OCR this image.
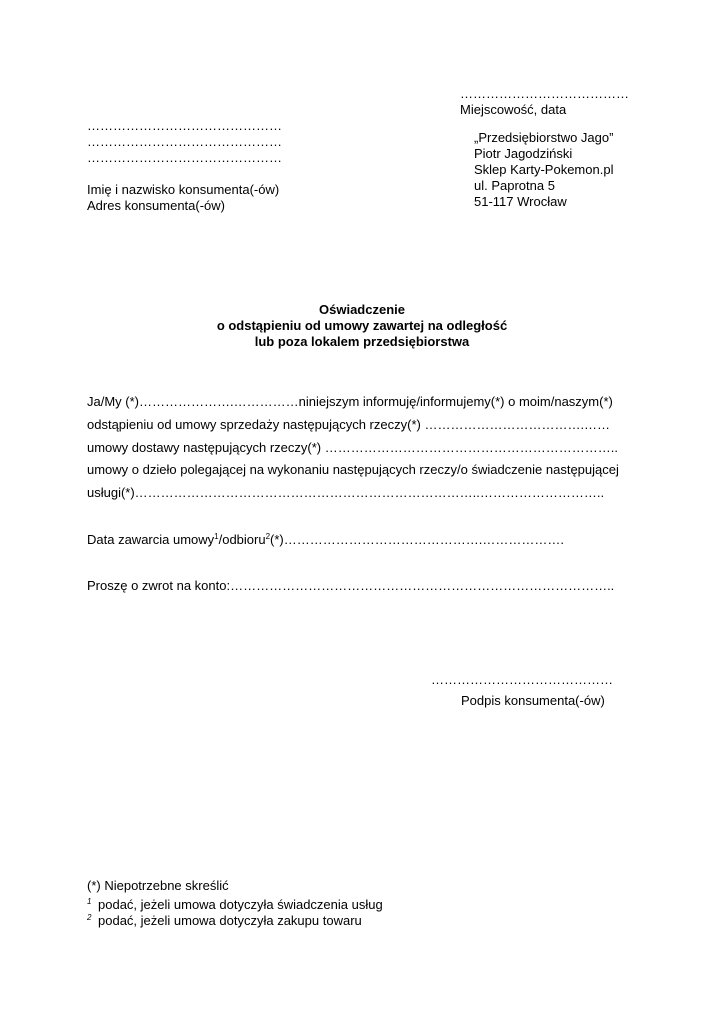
…………………………………
Miejscowość, data
………………………………………
………………………………………
………………………………………
Imię i nazwisko konsumenta(-ów)
Adres konsumenta(-ów)
„Przedsiębiorstwo Jago”
Piotr Jagodziński
Sklep Karty-Pokemon.pl
ul. Paprotna 5
51-117 Wrocław
Oświadczenie
o odstąpieniu od umowy zawartej na odległość
lub poza lokalem przedsiębiorstwa
Ja/My (*)………………….……………niniejszym informuję/informujemy(*) o moim/naszym(*)
odstąpieniu od umowy sprzedaży następujących rzeczy(*) ……………………………….……
umowy dostawy następujących rzeczy(*) …………………………………………………………..
umowy o dzieło polegającej na wykonaniu następujących rzeczy/o świadczenie następującej
usługi(*)……………………………………………………………………..………………………..
Data zawarcia umowy$^1$/odbioru$^2$(*)……………………………………….……………….
Proszę o zwrot na konto:……………………………………………………………………………..
……………………………………
Podpis konsumenta(-ów)
(*) Niepotrzebne skreślić
1 podać, jeżeli umowa dotyczyła świadczenia usług
2 podać, jeżeli umowa dotyczyła zakupu towaru
